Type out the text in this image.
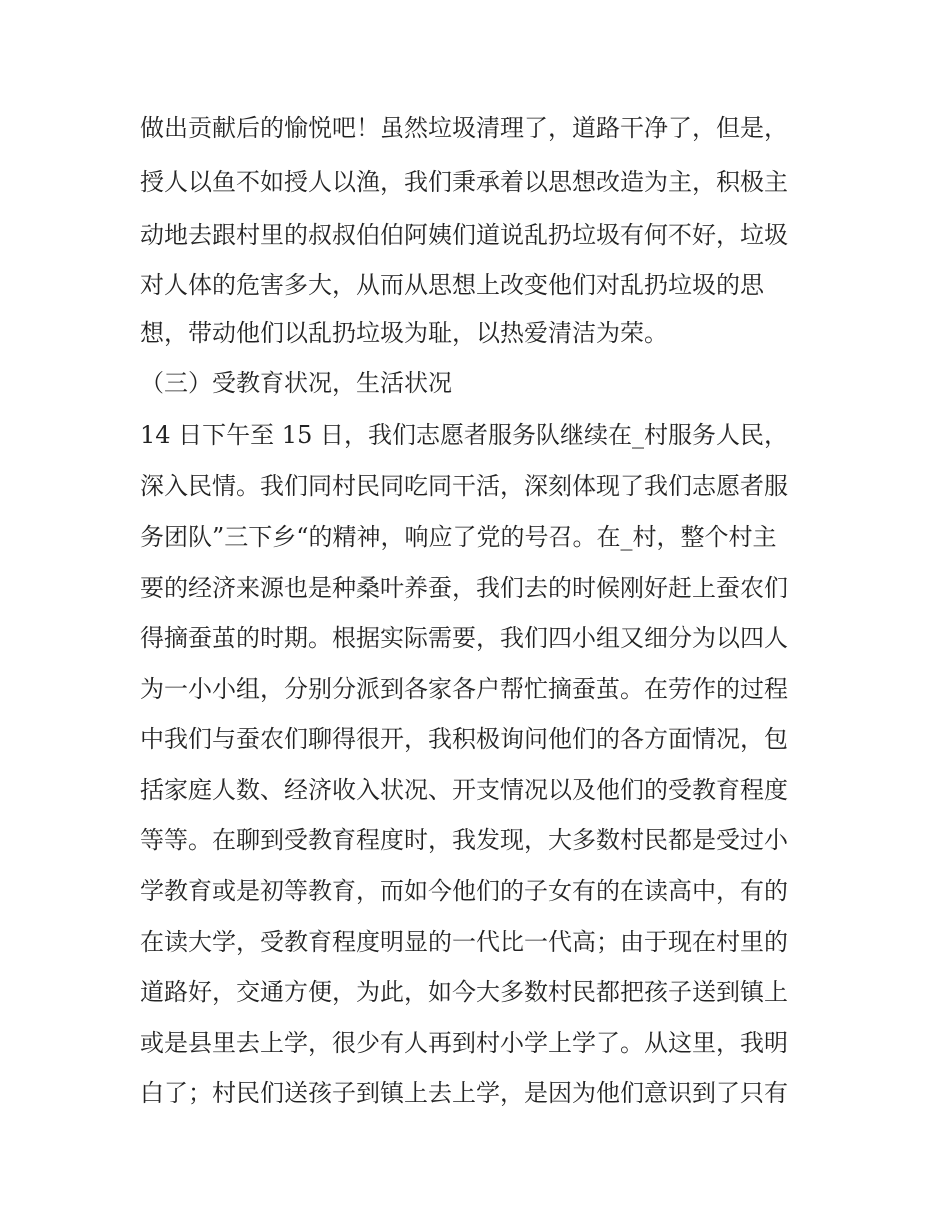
做出贡献后的愉悦吧！虽然垃圾清理了，道路干净了，但是，
授人以鱼不如授人以渔，我们秉承着以思想改造为主，积极主
动地去跟村里的叔叔伯伯阿姨们道说乱扔垃圾有何不好，垃圾
对人体的危害多大，从而从思想上改变他们对乱扔垃圾的思
想，带动他们以乱扔垃圾为耻，以热爱清洁为荣。
（三）受教育状况，生活状况
14 日下午至 15 日，我们志愿者服务队继续在_村服务人民，
深入民情。我们同村民同吃同干活，深刻体现了我们志愿者服
务团队”三下乡“的精神，响应了党的号召。在_村，整个村主
要的经济来源也是种桑叶养蚕，我们去的时候刚好赶上蚕农们
得摘蚕茧的时期。根据实际需要，我们四小组又细分为以四人
为一小小组，分别分派到各家各户帮忙摘蚕茧。在劳作的过程
中我们与蚕农们聊得很开，我积极询问他们的各方面情况，包
括家庭人数、经济收入状况、开支情况以及他们的受教育程度
等等。在聊到受教育程度时，我发现，大多数村民都是受过小
学教育或是初等教育，而如今他们的子女有的在读高中，有的
在读大学，受教育程度明显的一代比一代高；由于现在村里的
道路好，交通方便，为此，如今大多数村民都把孩子送到镇上
或是县里去上学，很少有人再到村小学上学了。从这里，我明
白了；村民们送孩子到镇上去上学，是因为他们意识到了只有
